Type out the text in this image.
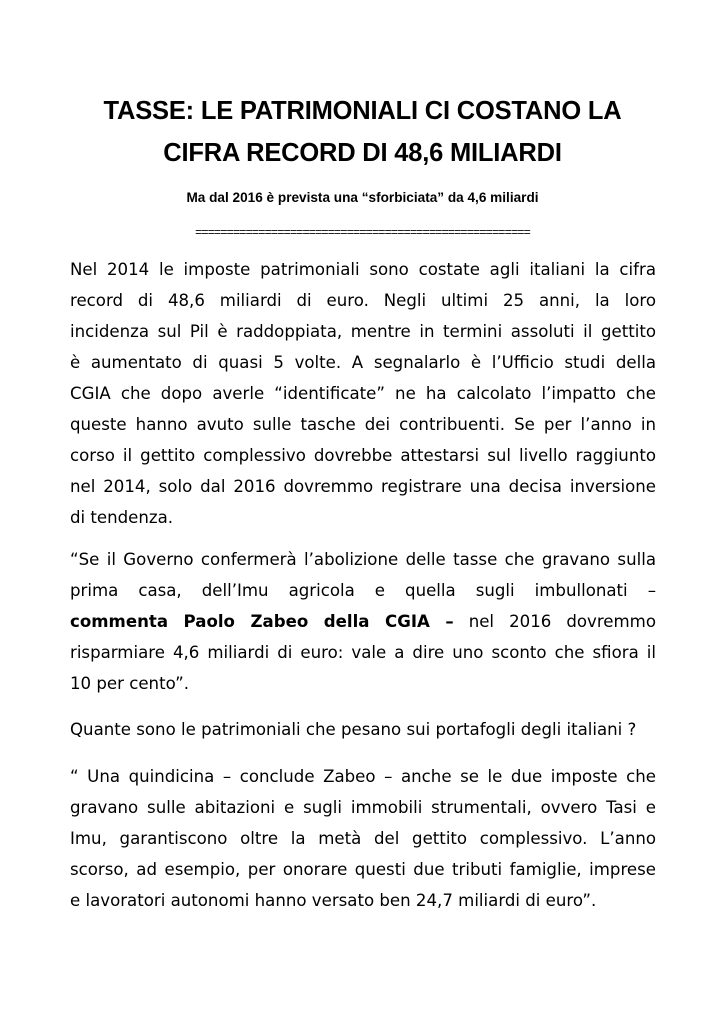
TASSE: LE PATRIMONIALI CI COSTANO LA
CIFRA RECORD DI 48,6 MILIARDI
Ma dal 2016 è prevista una “sforbiciata” da 4,6 miliardi
=====================================================
Nel 2014 le imposte patrimoniali sono costate agli italiani la cifra
record di 48,6 miliardi di euro. Negli ultimi 25 anni, la loro
incidenza sul Pil è raddoppiata, mentre in termini assoluti il gettito
è aumentato di quasi 5 volte. A segnalarlo è l’Ufficio studi della
CGIA che dopo averle “identificate” ne ha calcolato l’impatto che
queste hanno avuto sulle tasche dei contribuenti. Se per l’anno in
corso il gettito complessivo dovrebbe attestarsi sul livello raggiunto
nel 2014, solo dal 2016 dovremmo registrare una decisa inversione
di tendenza.
“Se il Governo confermerà l’abolizione delle tasse che gravano sulla
prima casa, dell’Imu agricola e quella sugli imbullonati –
commenta Paolo Zabeo della CGIA – nel 2016 dovremmo
risparmiare 4,6 miliardi di euro: vale a dire uno sconto che sfiora il
10 per cento”.
Quante sono le patrimoniali che pesano sui portafogli degli italiani ?
“ Una quindicina – conclude Zabeo – anche se le due imposte che
gravano sulle abitazioni e sugli immobili strumentali, ovvero Tasi e
Imu, garantiscono oltre la metà del gettito complessivo. L’anno
scorso, ad esempio, per onorare questi due tributi famiglie, imprese
e lavoratori autonomi hanno versato ben 24,7 miliardi di euro”.
